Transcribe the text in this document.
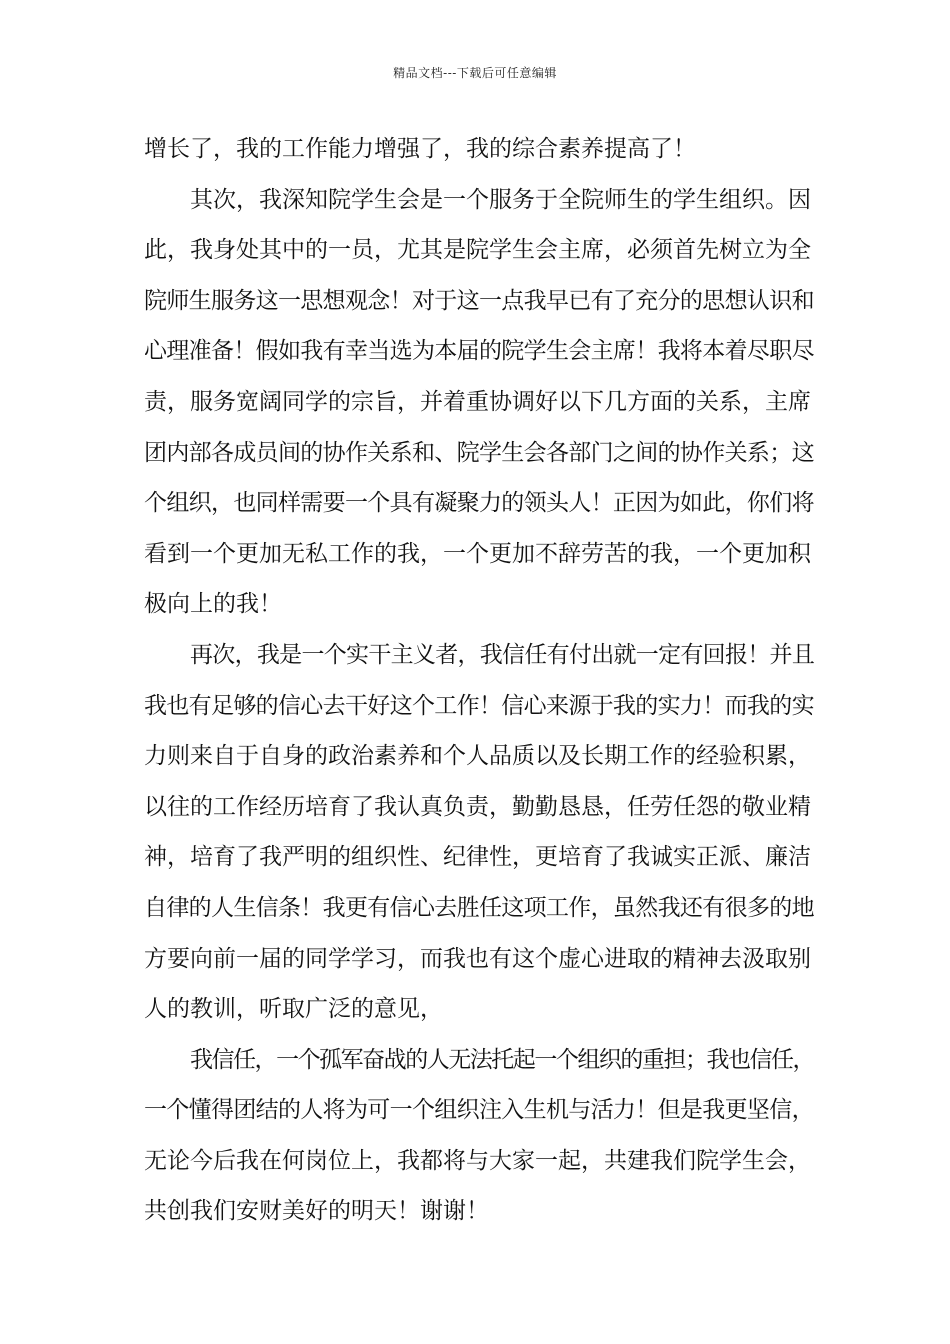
精品文档---下载后可任意编辑
增长了，我的工作能力增强了，我的综合素养提高了！
其次，我深知院学生会是一个服务于全院师生的学生组织。因
此，我身处其中的一员，尤其是院学生会主席，必须首先树立为全
院师生服务这一思想观念！对于这一点我早已有了充分的思想认识和
心理准备！假如我有幸当选为本届的院学生会主席！我将本着尽职尽
责，服务宽阔同学的宗旨，并着重协调好以下几方面的关系，主席
团内部各成员间的协作关系和、院学生会各部门之间的协作关系；这
个组织，也同样需要一个具有凝聚力的领头人！正因为如此，你们将
看到一个更加无私工作的我，一个更加不辞劳苦的我，一个更加积
极向上的我！
再次，我是一个实干主义者，我信任有付出就一定有回报！并且
我也有足够的信心去干好这个工作！信心来源于我的实力！而我的实
力则来自于自身的政治素养和个人品质以及长期工作的经验积累，
以往的工作经历培育了我认真负责，勤勤恳恳，任劳任怨的敬业精
神，培育了我严明的组织性、纪律性，更培育了我诚实正派、廉洁
自律的人生信条！我更有信心去胜任这项工作，虽然我还有很多的地
方要向前一届的同学学习，而我也有这个虚心进取的精神去汲取别
人的教训，听取广泛的意见，
我信任，一个孤军奋战的人无法托起一个组织的重担；我也信任，
一个懂得团结的人将为可一个组织注入生机与活力！但是我更坚信，
无论今后我在何岗位上，我都将与大家一起，共建我们院学生会，
共创我们安财美好的明天！谢谢！
